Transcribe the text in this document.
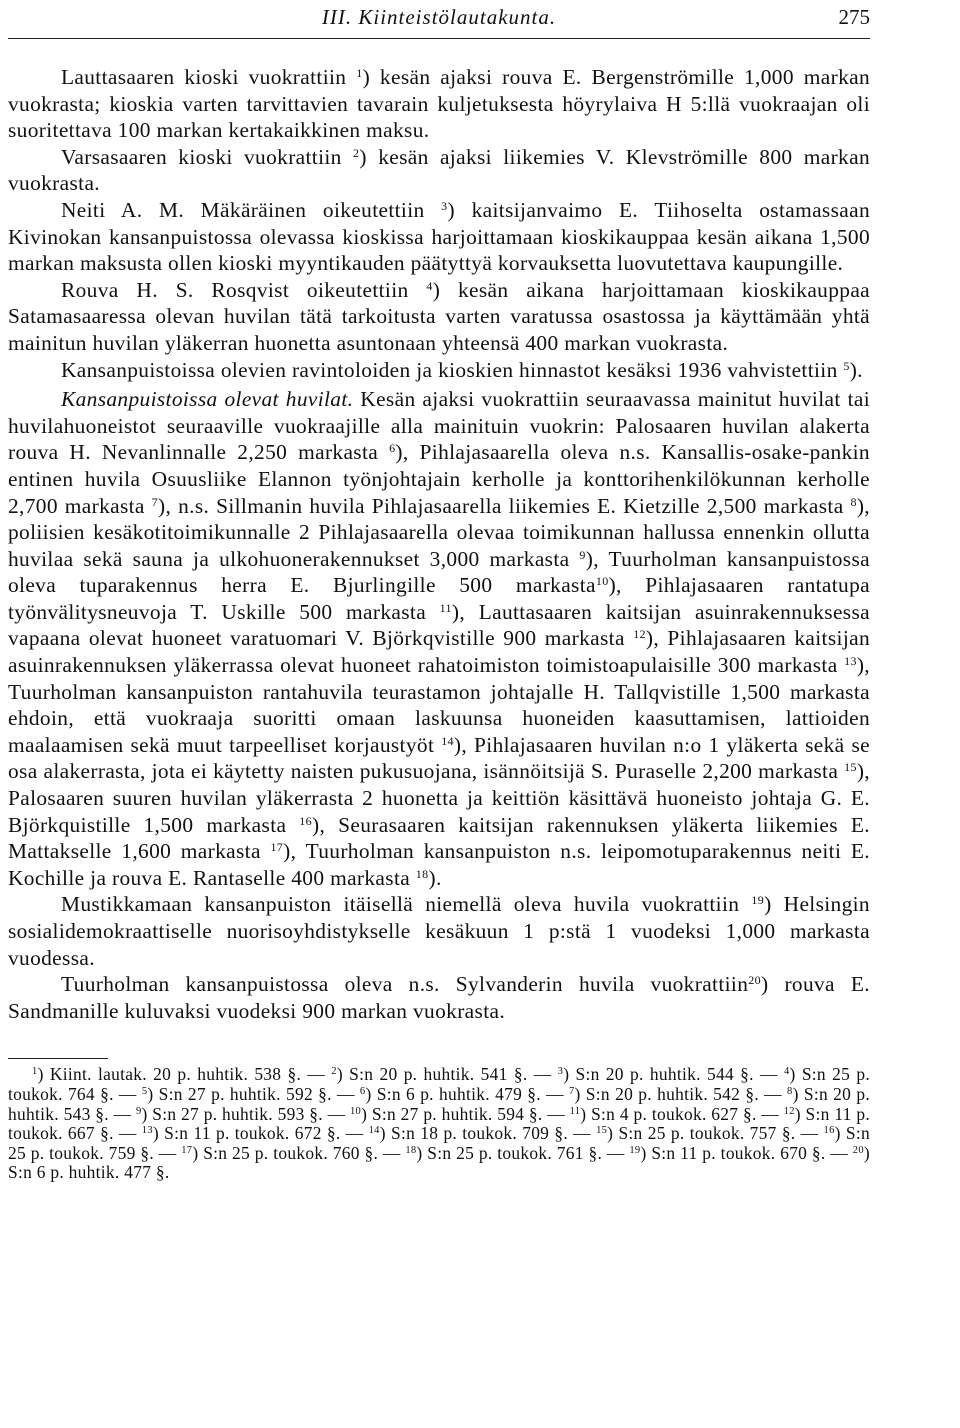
III. Kiinteistölautakunta.	275

Lauttasaaren kioski vuokrattiin $^1$) kesän ajaksi rouva E. Bergenströmille 1,000 markan vuokrasta; kioskia varten tarvittavien tavarain kuljetuksesta höyrylaiva H 5:llä vuokraajan oli suoritettava 100 markan kertakaikkinen maksu.

Varsasaaren kioski vuokrattiin $^2$) kesän ajaksi liikemies V. Klevströmille 800 markan vuokrasta.

Neiti A. M. Mäkäräinen oikeutettiin $^3$) kaitsijanvaimo E. Tiihoselta ostamassaan Kivinokan kansanpuistossa olevassa kioskissa harjoittamaan kioskikauppaa kesän aikana 1,500 markan maksusta ollen kioski myyntikauden päätyttyä korvauksetta luovutettava kaupungille.

Rouva H. S. Rosqvist oikeutettiin $^4$) kesän aikana harjoittamaan kioskikauppaa Satamasaaressa olevan huvilan tätä tarkoitusta varten varatussa osastossa ja käyttämään yhtä mainitun huvilan yläkerran huonetta asuntonaan yhteensä 400 markan vuokrasta.

Kansanpuistoissa olevien ravintoloiden ja kioskien hinnastot kesäksi 1936 vahvistettiin $^5$).

Kansanpuistoissa olevat huvilat. Kesän ajaksi vuokrattiin seuraavassa mainitut huvilat tai huvilahuoneistot seuraaville vuokraajille alla mainituin vuokrin: Palosaaren huvilan alakerta rouva H. Nevanlinnalle 2,250 markasta $^6$), Pihlajasaarella oleva n.s. Kansallis-osake-pankin entinen huvila Osuusliike Elannon työnjohtajain kerholle ja konttorihenkilökunnan kerholle 2,700 markasta $^7$), n.s. Sillmanin huvila Pihlajasaarella liikemies E. Kietzille 2,500 markasta $^8$), poliisien kesäkotitoimikunnalle 2 Pihlajasaarella olevaa toimikunnan hallussa ennenkin ollutta huvilaa sekä sauna ja ulkohuonerakennukset 3,000 markasta $^9$), Tuurholman kansanpuistossa oleva tuparakennus herra E. Bjurlingille 500 markasta$^{10}$), Pihlajasaaren rantatupa työnvälitysneuvoja T. Uskille 500 markasta $^{11}$), Lauttasaaren kaitsijan asuinrakennuksessa vapaana olevat huoneet varatuomari V. Björkqvistille 900 markasta $^{12}$), Pihlajasaaren kaitsijan asuinrakennuksen yläkerrassa olevat huoneet rahatoimiston toimistoapulaisille 300 markasta $^{13}$), Tuurholman kansanpuiston rantahuvila teurastamon johtajalle H. Tallqvistille 1,500 markasta ehdoin, että vuokraaja suoritti omaan laskuunsa huoneiden kaasuttamisen, lattioiden maalaamisen sekä muut tarpeelliset korjaustyöt $^{14}$), Pihlajasaaren huvilan n:o 1 yläkerta sekä se osa alakerrasta, jota ei käytetty naisten pukusuojana, isännöitsijä S. Puraselle 2,200 markasta $^{15}$), Palosaaren suuren huvilan yläkerrasta 2 huonetta ja keittiön käsittävä huoneisto johtaja G. E. Björkquistille 1,500 markasta $^{16}$), Seurasaaren kaitsijan rakennuksen yläkerta liikemies E. Mattakselle 1,600 markasta $^{17}$), Tuurholman kansanpuiston n.s. leipomotuparakennus neiti E. Kochille ja rouva E. Rantaselle 400 markasta $^{18}$).

Mustikkamaan kansanpuiston itäisellä niemellä oleva huvila vuokrattiin $^{19}$) Helsingin sosialidemokraattiselle nuorisoyhdistykselle kesäkuun 1 p:stä 1 vuodeksi 1,000 markasta vuodessa.

Tuurholman kansanpuistossa oleva n.s. Sylvanderin huvila vuokrattiin$^{20}$) rouva E. Sandmanille kuluvaksi vuodeksi 900 markan vuokrasta.

$^1$) Kiint. lautak. 20 p. huhtik. 538 §. — $^2$) S:n 20 p. huhtik. 541 §. — $^3$) S:n 20 p. huhtik. 544 §. — $^4$) S:n 25 p. toukok. 764 §. — $^5$) S:n 27 p. huhtik. 592 §. — $^6$) S:n 6 p. huhtik. 479 §. — $^7$) S:n 20 p. huhtik. 542 §. — $^8$) S:n 20 p. huhtik. 543 §. — $^9$) S:n 27 p. huhtik. 593 §. — $^{10}$) S:n 27 p. huhtik. 594 §. — $^{11}$) S:n 4 p. toukok. 627 §. — $^{12}$) S:n 11 p. toukok. 667 §. — $^{13}$) S:n 11 p. toukok. 672 §. — $^{14}$) S:n 18 p. toukok. 709 §. — $^{15}$) S:n 25 p. toukok. 757 §. — $^{16}$) S:n 25 p. toukok. 759 §. — $^{17}$) S:n 25 p. toukok. 760 §. — $^{18}$) S:n 25 p. toukok. 761 §. — $^{19}$) S:n 11 p. toukok. 670 §. — $^{20}$) S:n 6 p. huhtik. 477 §.
